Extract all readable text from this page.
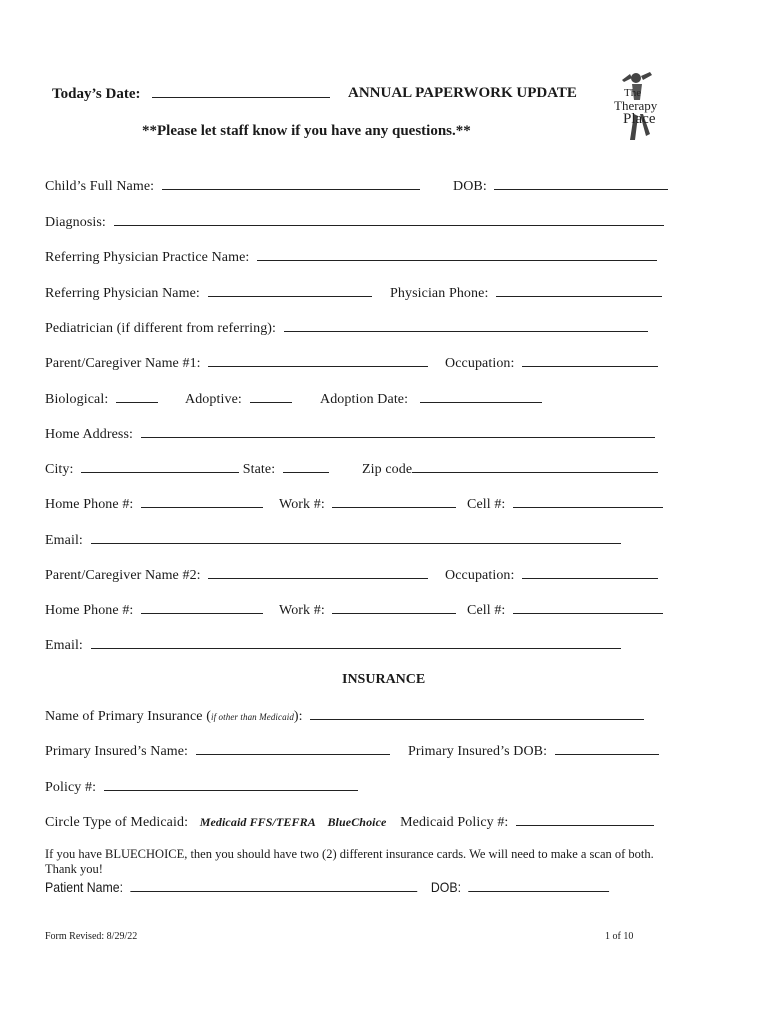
Today’s Date:	ANNUAL PAPERWORK UPDATE
**Please let staff know if you have any questions.**
The
Therapy
Place
Child’s Full Name:	DOB:
Diagnosis:
Referring Physician Practice Name:
Referring Physician Name:	Physician Phone:
Pediatrician (if different from referring):
Parent/Caregiver Name #1:	Occupation:
Biological:	Adoptive:	Adoption Date:
Home Address:
City:	State:	Zip code
Home Phone #:	Work #:	Cell #:
Email:
Parent/Caregiver Name #2:	Occupation:
Home Phone #:	Work #:	Cell #:
Email:
INSURANCE
Name of Primary Insurance (if other than Medicaid):
Primary Insured’s Name:	Primary Insured’s DOB:
Policy #:
Circle Type of Medicaid: Medicaid FFS/TEFRA BlueChoice Medicaid Policy #:
If you have BLUECHOICE, then you should have two (2) different insurance cards. We will need to make a scan of both. Thank you!
Patient Name:	DOB:
Form Revised: 8/29/22	1 of 10
